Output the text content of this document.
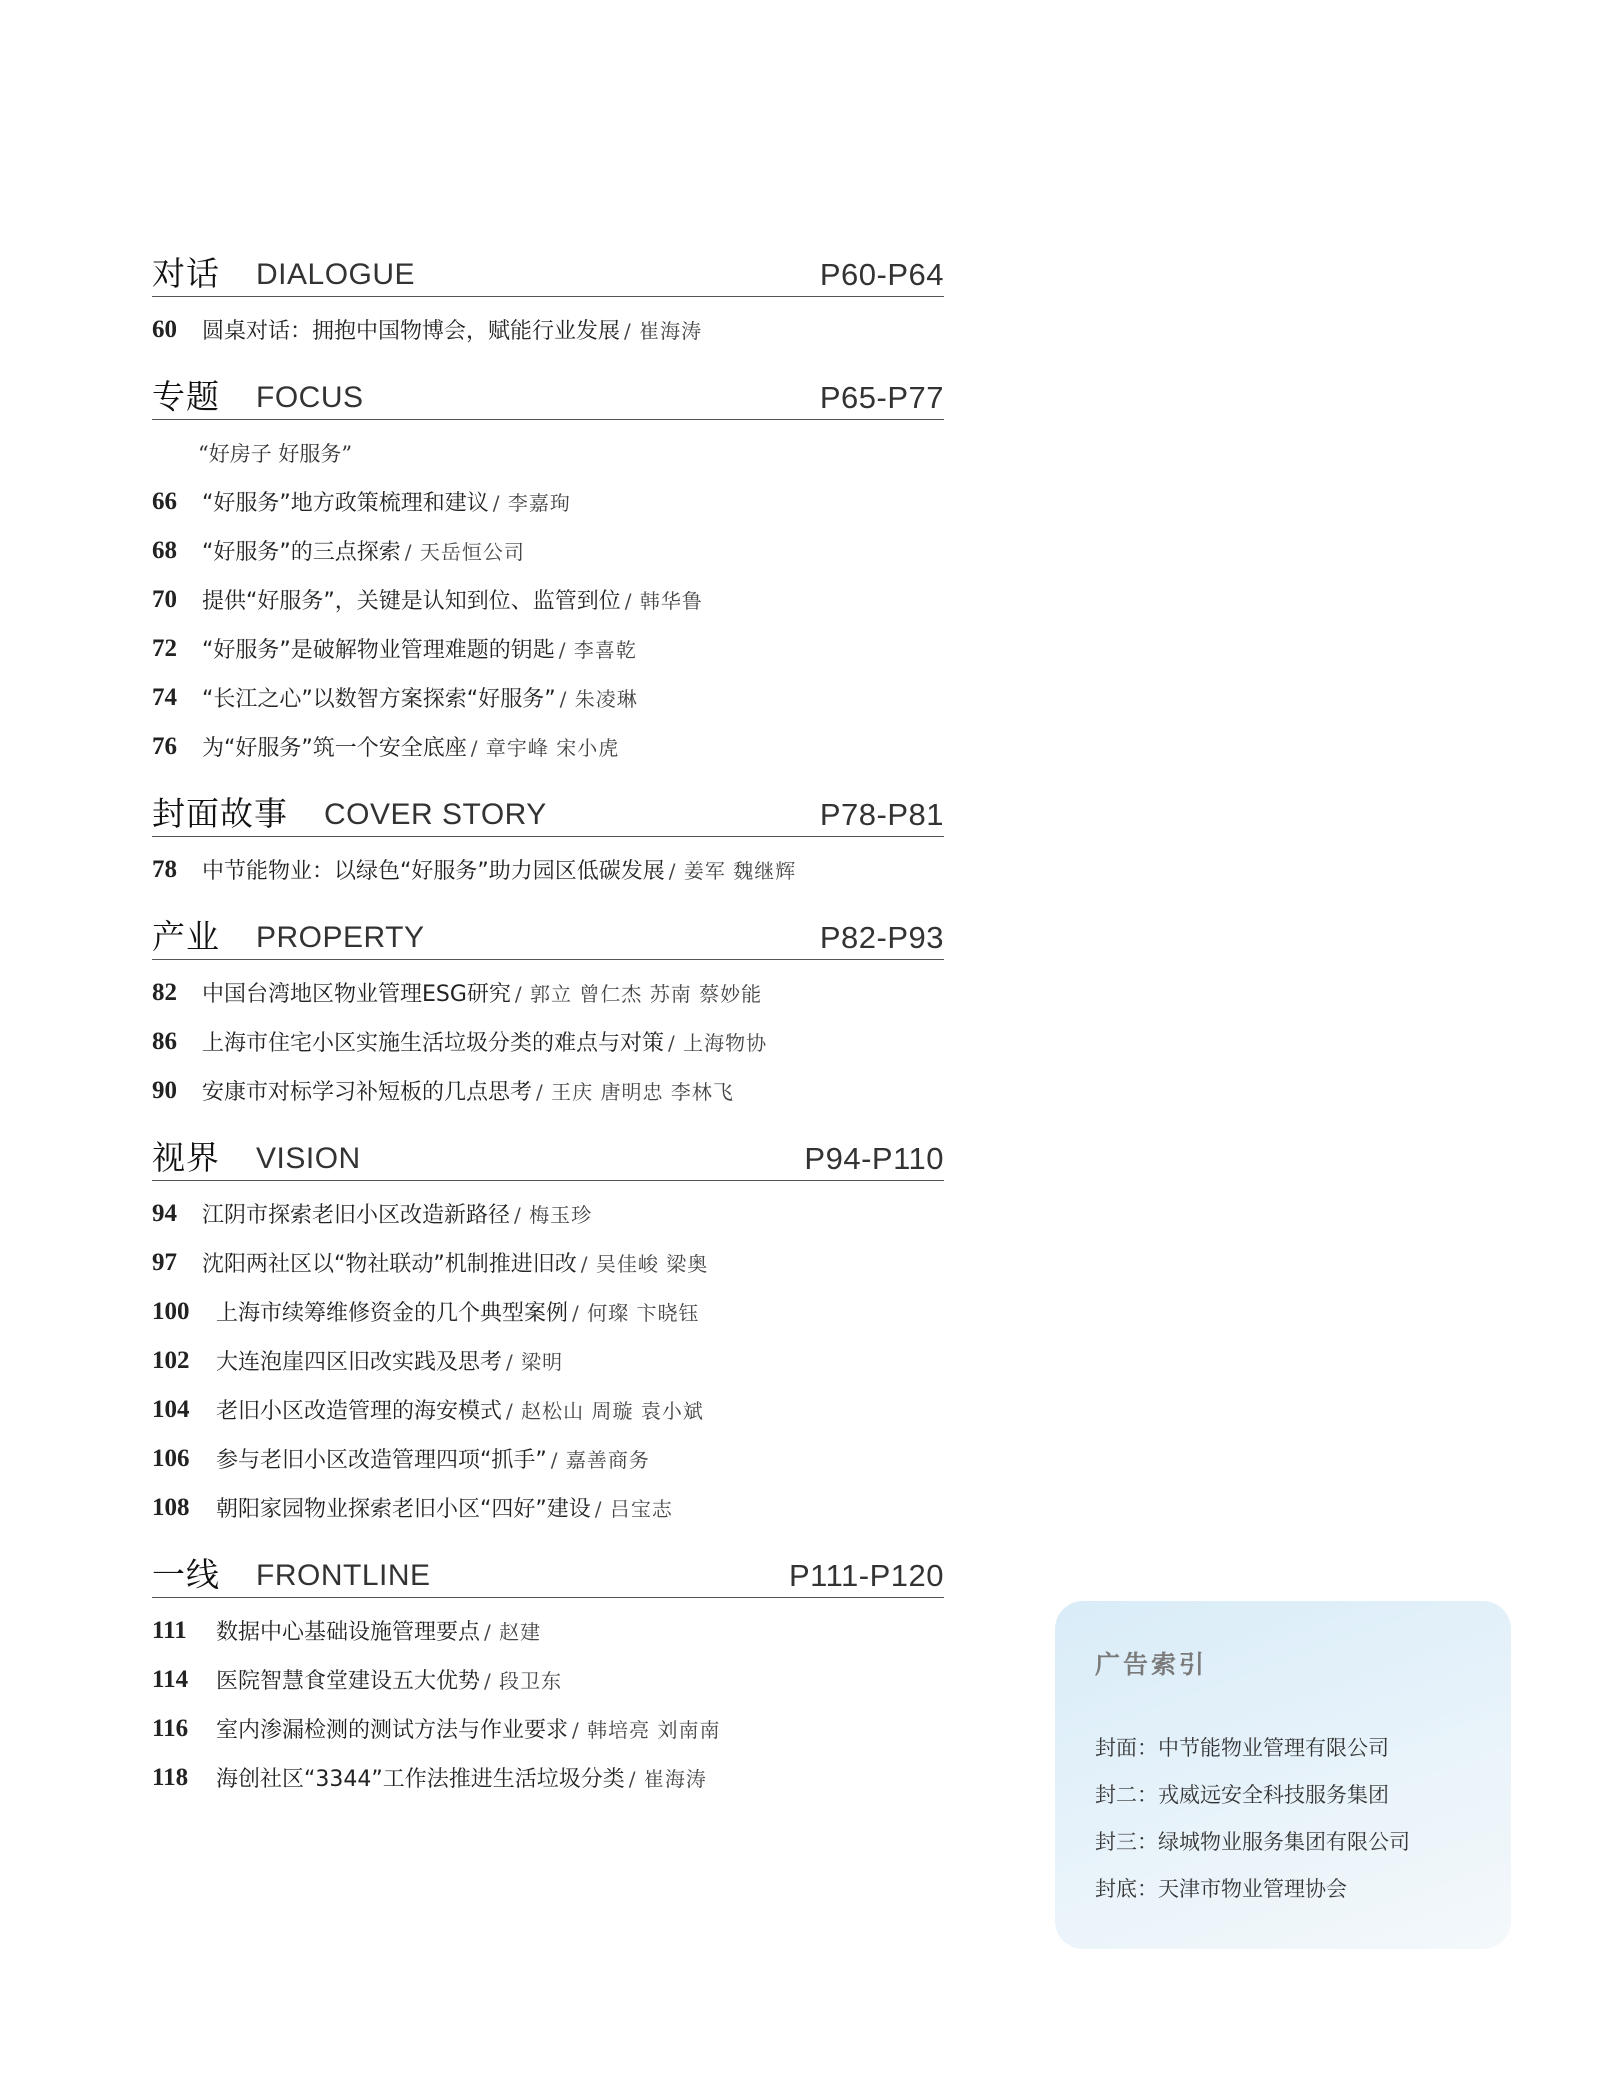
对话 DIALOGUE	P60-P64
60	圆桌对话：拥抱中国物博会，赋能行业发展 / 崔海涛
专题 FOCUS	P65-P77
“好房子 好服务”
66	“好服务”地方政策梳理和建议 / 李嘉珣
68	“好服务”的三点探索 / 天岳恒公司
70	提供“好服务”，关键是认知到位、监管到位 / 韩华鲁
72	“好服务”是破解物业管理难题的钥匙 / 李喜乾
74	“长江之心”以数智方案探索“好服务” / 朱凌琳
76	为“好服务”筑一个安全底座 / 章宇峰 宋小虎
封面故事 COVER STORY	P78-P81
78	中节能物业：以绿色“好服务”助力园区低碳发展 / 姜军 魏继辉
产业 PROPERTY	P82-P93
82	中国台湾地区物业管理ESG研究 / 郭立 曾仁杰 苏南 蔡妙能
86	上海市住宅小区实施生活垃圾分类的难点与对策 / 上海物协
90	安康市对标学习补短板的几点思考 / 王庆 唐明忠 李林飞
视界 VISION	P94-P110
94	江阴市探索老旧小区改造新路径 / 梅玉珍
97	沈阳两社区以“物社联动”机制推进旧改 / 吴佳峻 梁奥
100	上海市续筹维修资金的几个典型案例 / 何璨 卞晓钰
102	大连泡崖四区旧改实践及思考 / 梁明
104	老旧小区改造管理的海安模式 / 赵松山 周璇 袁小斌
106	参与老旧小区改造管理四项“抓手” / 嘉善商务
108	朝阳家园物业探索老旧小区“四好”建设 / 吕宝志
一线 FRONTLINE	P111-P120
111	数据中心基础设施管理要点 / 赵建
114	医院智慧食堂建设五大优势 / 段卫东
116	室内渗漏检测的测试方法与作业要求 / 韩培亮 刘南南
118	海创社区“3344”工作法推进生活垃圾分类 / 崔海涛
广告索引
封面：中节能物业管理有限公司
封二：戎威远安全科技服务集团
封三：绿城物业服务集团有限公司
封底：天津市物业管理协会
